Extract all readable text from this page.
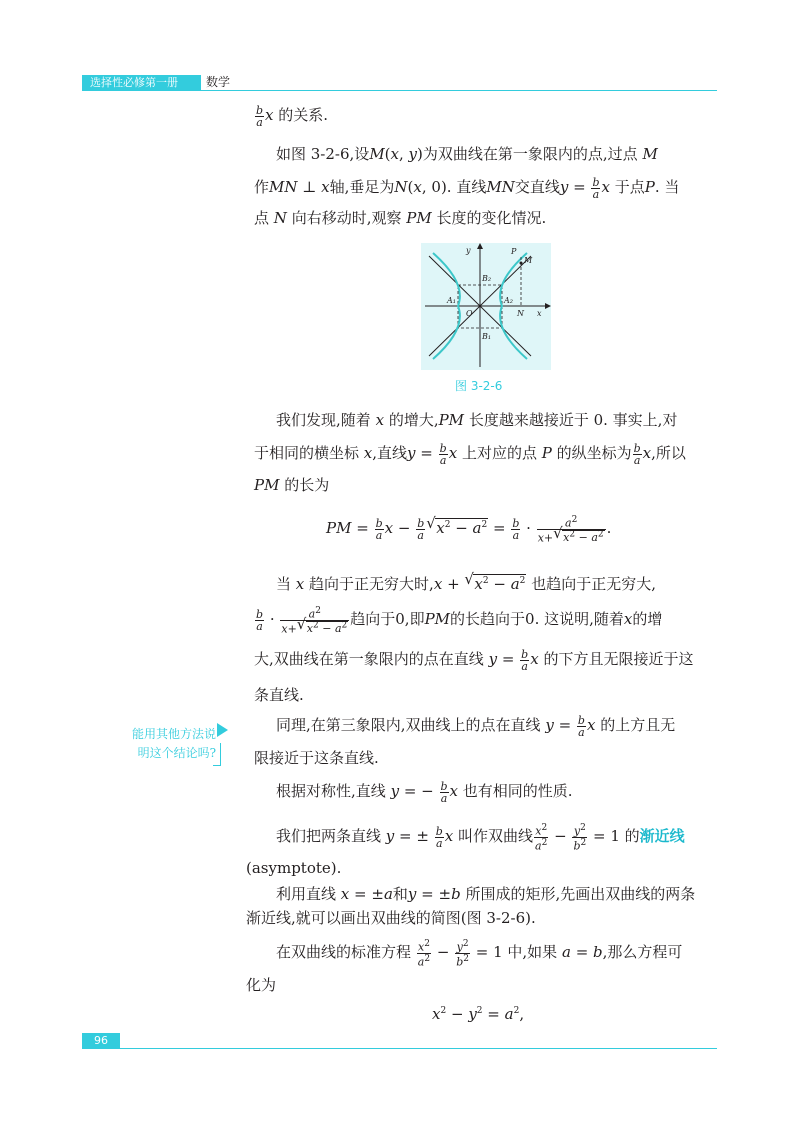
选择性必修第一册 数学
$\frac{b}{a}$ x 的关系.
如图 3-2-6,设M(x, y)为双曲线在第一象限内的点,过点 M
作MN ⊥ x轴,垂足为N(x, 0). 直线MN交直线$y = \frac{b}{a}$ x 于点P. 当
点 N 向右移动时,观察 PM 长度的变化情况.
y	P
M
B₂
A₁	A₂
O	N x
B₁
图 3-2-6
我们发现,随着 x 的增大,PM 长度越来越接近于 0. 事实上,对
于相同的横坐标 x,直线$y = \frac{b}{a}$ x 上对应的点 P 的纵坐标为 $\frac{b}{a} x$,所以
PM 的长为
PM = $\frac{b}{a}$ $x - \frac{b}{a}$ √ $x^2 - a^2 = \frac{b}{a} \cdot \frac{a^2}{x+ √ x^2 - a^2}$ .
当 x 趋向于正无穷大时,x + √ $x^2 - a^2$ 也趋向于正无穷大,
$\frac{b}{a} \cdot \frac{a^2}{x+ √ x^2 - a^2}$ 趋向于0,即PM的长趋向于0. 这说明,随着x的增
大,双曲线在第一象限内的点在直线 $y = \frac{b}{a}$ x 的下方且无限接近于这
条直线.
能用其他方法说
明这个结论吗?
同理,在第三象限内,双曲线上的点在直线 $y = \frac{b}{a}$ x 的上方且无
限接近于这条直线.
根据对称性,直线 y = − $\frac{b}{a}$ x 也有相同的性质.
我们把两条直线 y = ± $\frac{b}{a}$ x 叫作双曲线 $\frac{x^2}{a^2} - \frac{y^2}{b^2} = 1$ 的渐近线
(asymptote).
利用直线 x = ±a和y = ±b 所围成的矩形,先画出双曲线的两条
渐近线,就可以画出双曲线的简图(图 3-2-6).
在双曲线的标准方程 $\frac{x^2}{a^2} - \frac{y^2}{b^2} = 1$ 中,如果 a = b,那么方程可
化为
$x^2 - y^2 = a^2$,
96
